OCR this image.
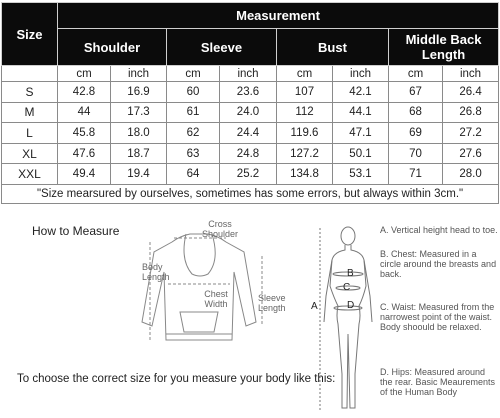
Size	Measurement							
	Shoulder		Sleeve		Bust		Middle Back Length	
	cm	inch	cm	inch	cm	inch	cm	inch
S	42.8	16.9	60	23.6	107	42.1	67	26.4
M	44	17.3	61	24.0	112	44.1	68	26.8
L	45.8	18.0	62	24.4	119.6	47.1	69	27.2
XL	47.6	18.7	63	24.8	127.2	50.1	70	27.6
XXL	49.4	19.4	64	25.2	134.8	53.1	71	28.0
"Size mearsured by ourselves, sometimes has some errors, but always within 3cm."								
How to Measure	Cross Shoulder
Body Length
Chest Width
Sleeve Length
To choose the correct size for you measure your body like this:
B
C
D
A
A. Vertical height head to toe.
B. Chest: Measured in a circle around the breasts and back.
C. Waist: Measured from the narrowest point of the waist. Body shoould be relaxed.
D. Hips: Measured around the rear. Basic Meaurements of the Human Body
